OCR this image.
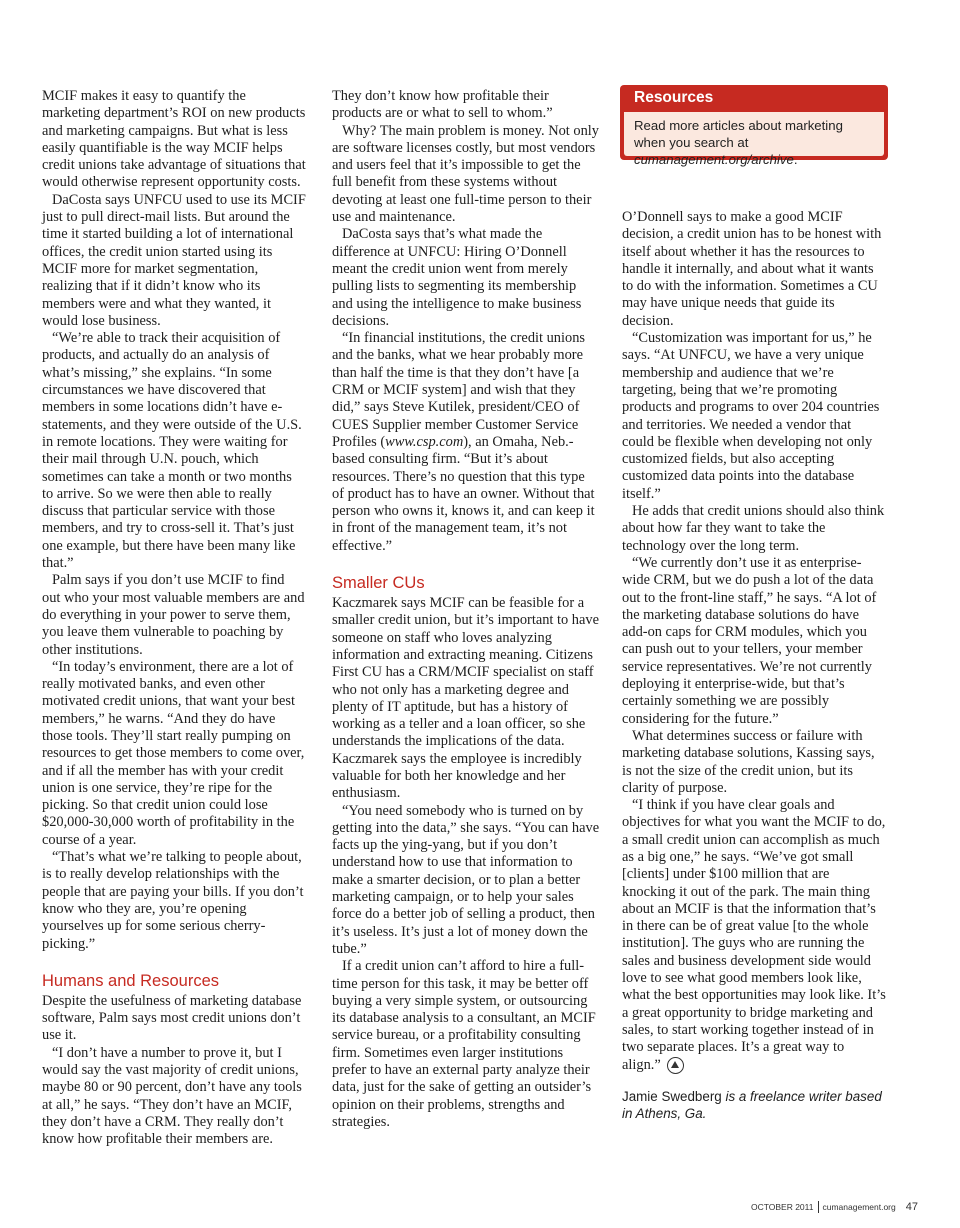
MCIF makes it easy to quantify the marketing department’s ROI on new products and marketing campaigns. But what is less easily quantifiable is the way MCIF helps credit unions take advantage of situations that would otherwise represent opportunity costs.

DaCosta says UNFCU used to use its MCIF just to pull direct-mail lists. But around the time it started building a lot of international offices, the credit union started using its MCIF more for market segmentation, realizing that if it didn’t know who its members were and what they wanted, it would lose business.

“We’re able to track their acquisition of products, and actually do an analysis of what’s missing,” she explains. “In some circumstances we have discovered that members in some locations didn’t have e-statements, and they were outside of the U.S. in remote locations. They were waiting for their mail through U.N. pouch, which sometimes can take a month or two months to arrive. So we were then able to really discuss that particular service with those members, and try to cross-sell it. That’s just one example, but there have been many like that.”

Palm says if you don’t use MCIF to find out who your most valuable members are and do everything in your power to serve them, you leave them vulnerable to poaching by other institutions.

“In today’s environment, there are a lot of really motivated banks, and even other motivated credit unions, that want your best members,” he warns. “And they do have those tools. They’ll start really pumping on resources to get those members to come over, and if all the member has with your credit union is one service, they’re ripe for the picking. So that credit union could lose $20,000-30,000 worth of profitability in the course of a year.

“That’s what we’re talking to people about, is to really develop relationships with the people that are paying your bills. If you don’t know who they are, you’re opening yourselves up for some serious cherry-picking.”

Humans and Resources

Despite the usefulness of marketing database software, Palm says most credit unions don’t use it.

“I don’t have a number to prove it, but I would say the vast majority of credit unions, maybe 80 or 90 percent, don’t have any tools at all,” he says. “They don’t have an MCIF, they don’t have a CRM. They really don’t know how profitable their members are.

They don’t know how profitable their products are or what to sell to whom.”

Why? The main problem is money. Not only are software licenses costly, but most vendors and users feel that it’s impossible to get the full benefit from these systems without devoting at least one full-time person to their use and maintenance.

DaCosta says that’s what made the difference at UNFCU: Hiring O’Donnell meant the credit union went from merely pulling lists to segmenting its membership and using the intelligence to make business decisions.

“In financial institutions, the credit unions and the banks, what we hear probably more than half the time is that they don’t have [a CRM or MCIF system] and wish that they did,” says Steve Kutilek, president/CEO of CUES Supplier member Customer Service Profiles (www.csp.com), an Omaha, Neb.-based consulting firm. “But it’s about resources. There’s no question that this type of product has to have an owner. Without that person who owns it, knows it, and can keep it in front of the management team, it’s not effective.”

Smaller CUs

Kaczmarek says MCIF can be feasible for a smaller credit union, but it’s important to have someone on staff who loves analyzing information and extracting meaning. Citizens First CU has a CRM/MCIF specialist on staff who not only has a marketing degree and plenty of IT aptitude, but has a history of working as a teller and a loan officer, so she understands the implications of the data. Kaczmarek says the employee is incredibly valuable for both her knowledge and her enthusiasm.

“You need somebody who is turned on by getting into the data,” she says. “You can have facts up the ying-yang, but if you don’t understand how to use that information to make a smarter decision, or to plan a better marketing campaign, or to help your sales force do a better job of selling a product, then it’s useless. It’s just a lot of money down the tube.”

If a credit union can’t afford to hire a full-time person for this task, it may be better off buying a very simple system, or outsourcing its database analysis to a consultant, an MCIF service bureau, or a profitability consulting firm. Sometimes even larger institutions prefer to have an external party analyze their data, just for the sake of getting an outsider’s opinion on their problems, strengths and strategies.

Resources
Read more articles about marketing when you search at cumanagement.org/archive.

O’Donnell says to make a good MCIF decision, a credit union has to be honest with itself about whether it has the resources to handle it internally, and about what it wants to do with the information. Sometimes a CU may have unique needs that guide its decision.

“Customization was important for us,” he says. “At UNFCU, we have a very unique membership and audience that we’re targeting, being that we’re promoting products and programs to over 204 countries and territories. We needed a vendor that could be flexible when developing not only customized fields, but also accepting customized data points into the database itself.”

He adds that credit unions should also think about how far they want to take the technology over the long term.

“We currently don’t use it as enterprise-wide CRM, but we do push a lot of the data out to the front-line staff,” he says. “A lot of the marketing database solutions do have add-on caps for CRM modules, which you can push out to your tellers, your member service representatives. We’re not currently deploying it enterprise-wide, but that’s certainly something we are possibly considering for the future.”

What determines success or failure with marketing database solutions, Kassing says, is not the size of the credit union, but its clarity of purpose.

“I think if you have clear goals and objectives for what you want the MCIF to do, a small credit union can accomplish as much as a big one,” he says. “We’ve got small [clients] under $100 million that are knocking it out of the park. The main thing about an MCIF is that the information that’s in there can be of great value [to the whole institution]. The guys who are running the sales and business development side would love to see what good members look like, what the best opportunities may look like. It’s a great opportunity to bridge marketing and sales, to start working together instead of in two separate places. It’s a great way to align.”

Jamie Swedberg is a freelance writer based in Athens, Ga.
OCTOBER 2011 cumanagement.org 47
